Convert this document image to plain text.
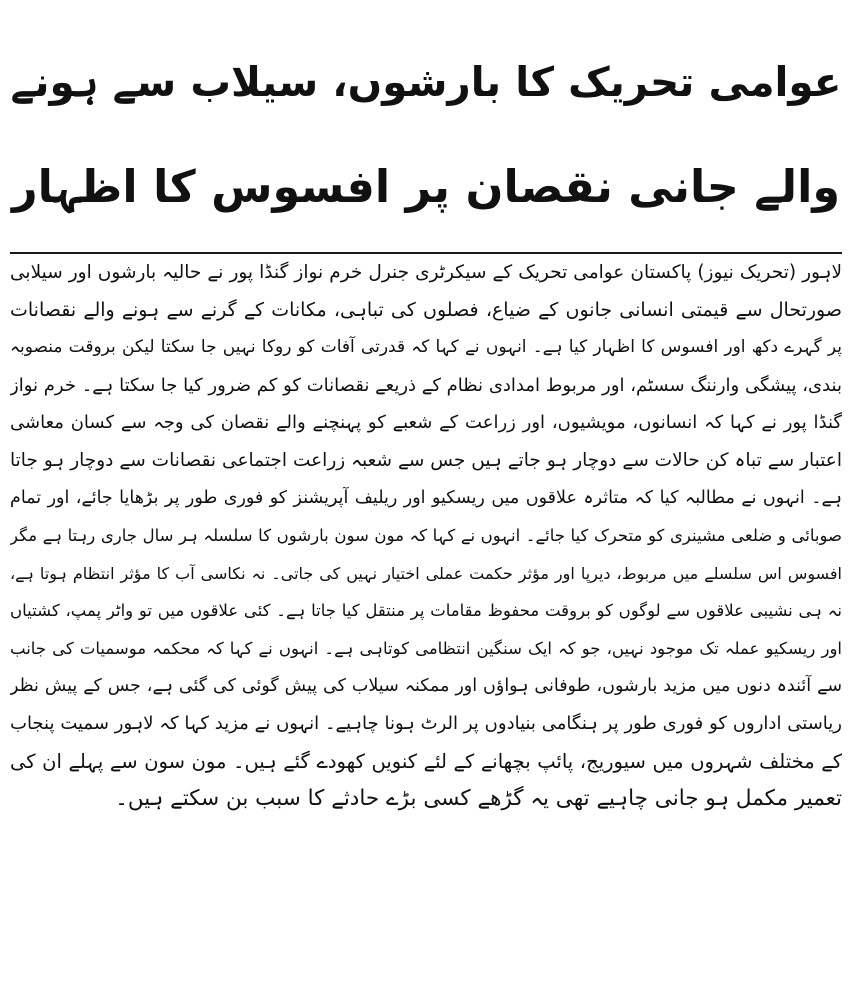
عوامی تحریک کا بارشوں، سیلاب سے ہونے
والے جانی نقصان پر افسوس کا اظہار
لاہور (تحریک نیوز) پاکستان عوامی تحریک کے سیکرٹری جنرل خرم نواز گنڈا پور نے حالیہ بارشوں اور سیلابی
صورتحال سے قیمتی انسانی جانوں کے ضیاع، فصلوں کی تباہی، مکانات کے گرنے سے ہونے والے نقصانات
پر گہرے دکھ اور افسوس کا اظہار کیا ہے۔ انہوں نے کہا کہ قدرتی آفات کو روکا نہیں جا سکتا لیکن بروقت منصوبہ
بندی، پیشگی وارننگ سسٹم، اور مربوط امدادی نظام کے ذریعے نقصانات کو کم ضرور کیا جا سکتا ہے۔ خرم نواز
گنڈا پور نے کہا کہ انسانوں، مویشیوں، اور زراعت کے شعبے کو پہنچنے والے نقصان کی وجہ سے کسان معاشی
اعتبار سے تباہ کن حالات سے دوچار ہو جاتے ہیں جس سے شعبہ زراعت اجتماعی نقصانات سے دوچار ہو جاتا
ہے۔ انہوں نے مطالبہ کیا کہ متاثرہ علاقوں میں ریسکیو اور ریلیف آپریشنز کو فوری طور پر بڑھایا جائے، اور تمام
صوبائی و ضلعی مشینری کو متحرک کیا جائے۔ انہوں نے کہا کہ مون سون بارشوں کا سلسلہ ہر سال جاری رہتا ہے مگر
افسوس اس سلسلے میں مربوط، دیرپا اور مؤثر حکمت عملی اختیار نہیں کی جاتی۔ نہ نکاسی آب کا مؤثر انتظام ہوتا ہے،
نہ ہی نشیبی علاقوں سے لوگوں کو بروقت محفوظ مقامات پر منتقل کیا جاتا ہے۔ کئی علاقوں میں تو واٹر پمپ، کشتیاں
اور ریسکیو عملہ تک موجود نہیں، جو کہ ایک سنگین انتظامی کوتاہی ہے۔ انہوں نے کہا کہ محکمہ موسمیات کی جانب
سے آئندہ دنوں میں مزید بارشوں، طوفانی ہواؤں اور ممکنہ سیلاب کی پیش گوئی کی گئی ہے، جس کے پیش نظر
ریاستی اداروں کو فوری طور پر ہنگامی بنیادوں پر الرٹ ہونا چاہیے۔ انہوں نے مزید کہا کہ لاہور سمیت پنجاب
کے مختلف شہروں میں سیوریج، پائپ بچھانے کے لئے کنویں کھودے گئے ہیں۔ مون سون سے پہلے ان کی
تعمیر مکمل ہو جانی چاہیے تھی یہ گڑھے کسی بڑے حادثے کا سبب بن سکتے ہیں۔
